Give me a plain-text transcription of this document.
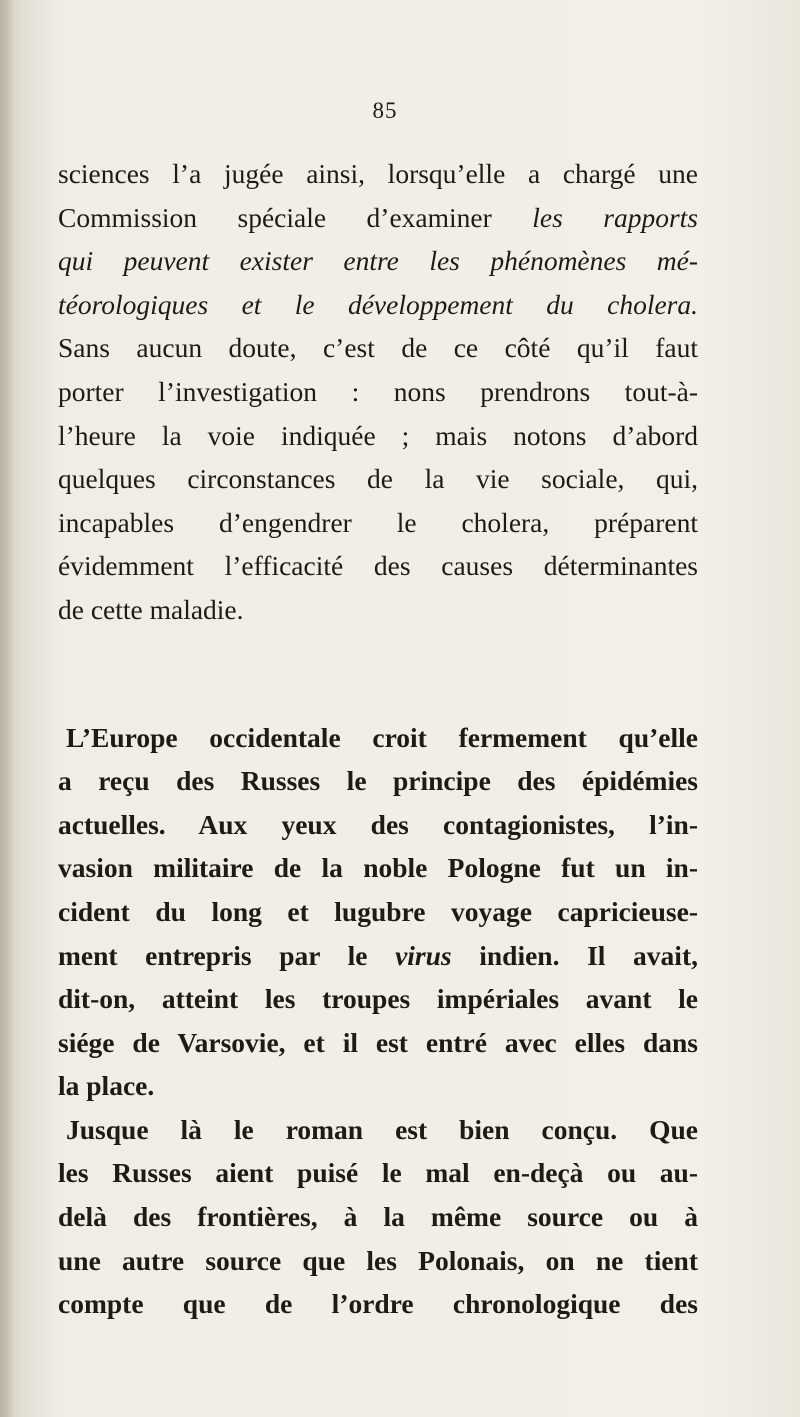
85
sciences l’a jugée ainsi, lorsqu’elle a chargé une
Commission spéciale d’examiner les rapports
qui peuvent exister entre les phénomènes mé-
téorologiques et le développement du cholera.
Sans aucun doute, c’est de ce côté qu’il faut
porter l’investigation : nons prendrons tout-à-
l’heure la voie indiquée ; mais notons d’abord
quelques circonstances de la vie sociale, qui,
incapables d’engendrer le cholera, préparent
évidemment l’efficacité des causes déterminantes
de cette maladie.
L’Europe occidentale croit fermement qu’elle
a reçu des Russes le principe des épidémies
actuelles. Aux yeux des contagionistes, l’in-
vasion militaire de la noble Pologne fut un in-
cident du long et lugubre voyage capricieuse-
ment entrepris par le virus indien. Il avait,
dit-on, atteint les troupes impériales avant le
siége de Varsovie, et il est entré avec elles dans
la place.
Jusque là le roman est bien conçu. Que
les Russes aient puisé le mal en-deçà ou au-
delà des frontières, à la même source ou à
une autre source que les Polonais, on ne tient
compte que de l’ordre chronologique des
